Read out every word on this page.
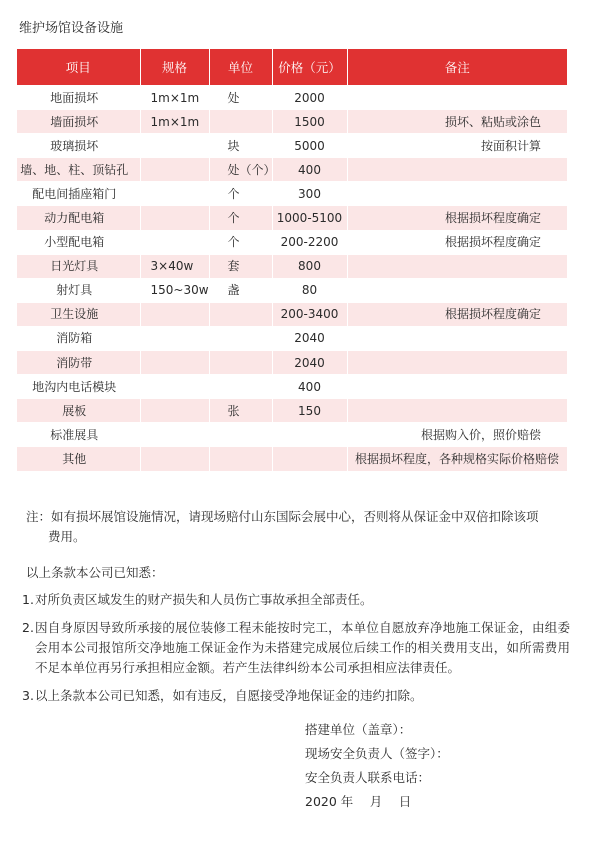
维护场馆设备设施
项目	规格	单位	价格（元）	备注
地面损坏	1m×1m	处	2000	
墙面损坏	1m×1m		1500	损坏、粘贴或涂色
玻璃损坏		块	5000	按面积计算
墙、地、柱、顶钻孔		处（个）	400	
配电间插座箱门		个	300	
动力配电箱		个	1000-5100	根据损坏程度确定
小型配电箱		个	200-2200	根据损坏程度确定
日光灯具	3×40w	套	800	
射灯具	150~30w	盏	80	
卫生设施			200-3400	根据损坏程度确定
消防箱			2040	
消防带			2040	
地沟内电话模块			400	
展板		张	150	
标准展具				根据购入价，照价赔偿
其他				根据损坏程度，各种规格实际价格赔偿
注：如有损坏展馆设施情况，请现场赔付山东国际会展中心，否则将从保证金中双倍扣除该项
费用。
以上条款本公司已知悉：
1. 对所负责区域发生的财产损失和人员伤亡事故承担全部责任。
2. 因自身原因导致所承接的展位装修工程未能按时完工，本单位自愿放弃净地施工保证金，由组委会用本公司报馆所交净地施工保证金作为未搭建完成展位后续工作的相关费用支出，如所需费用不足本单位再另行承担相应金额。若产生法律纠纷本公司承担相应法律责任。
3. 以上条款本公司已知悉，如有违反，自愿接受净地保证金的违约扣除。
搭建单位（盖章）：
现场安全负责人（签字）：
安全负责人联系电话：
2020 年　 月　 日
